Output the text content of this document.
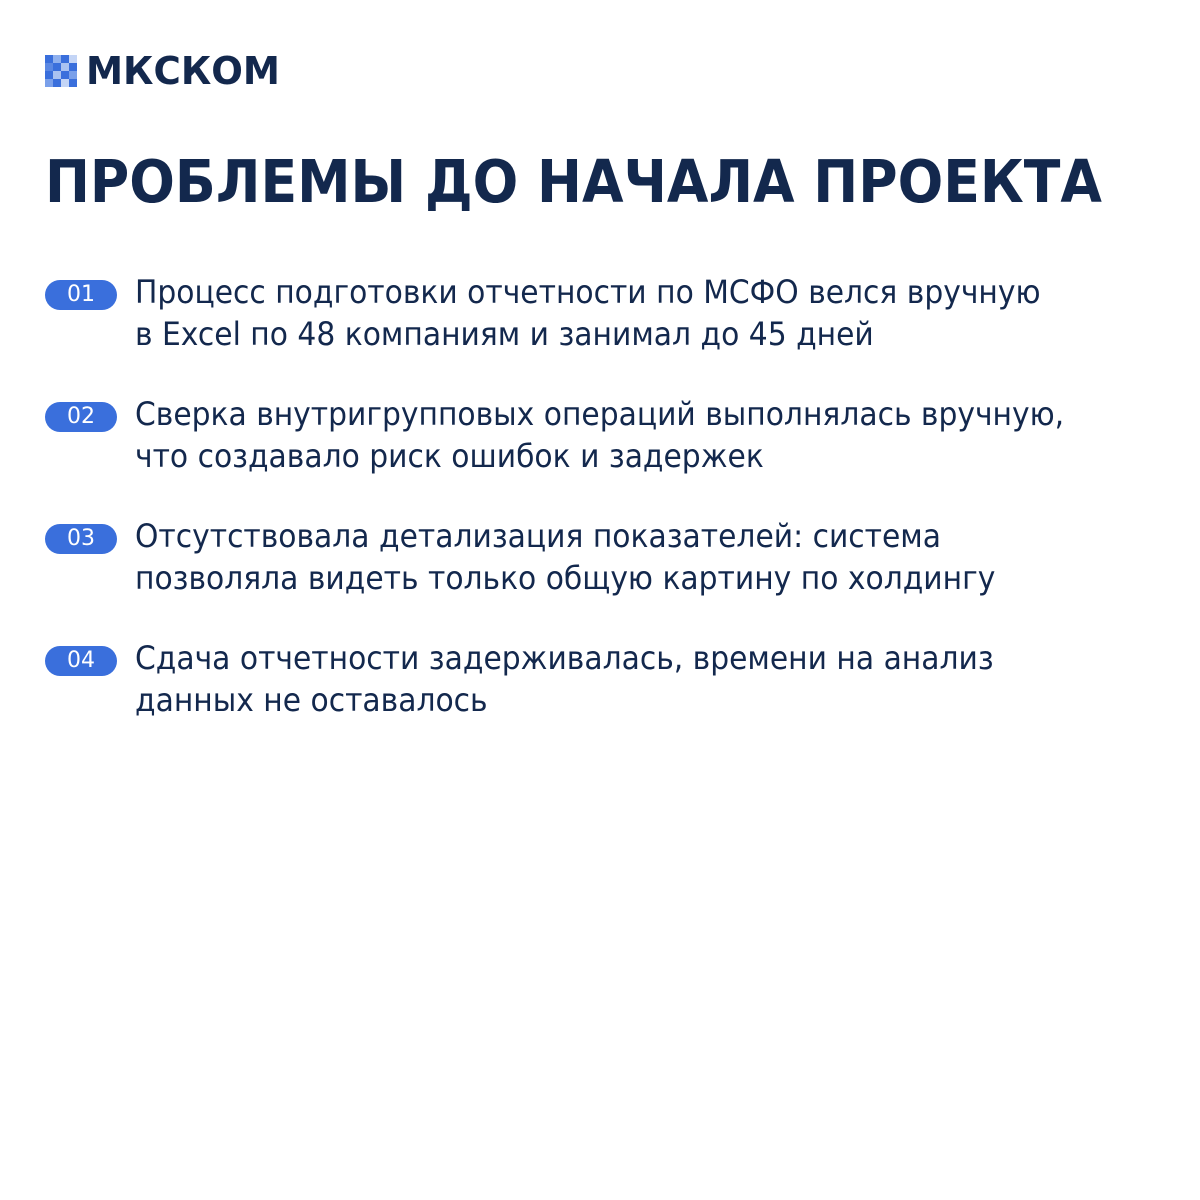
МКСКОМ
ПРОБЛЕМЫ ДО НАЧАЛА ПРОЕКТА
01	Процесс подготовки отчетности по МСФО велся вручную
в Excel по 48 компаниям и занимал до 45 дней

02	Сверка внутригрупповых операций выполнялась вручную,
что создавало риск ошибок и задержек

03	Отсутствовала детализация показателей: система
позволяла видеть только общую картину по холдингу

04	Сдача отчетности задерживалась, времени на анализ
данных не оставалось
